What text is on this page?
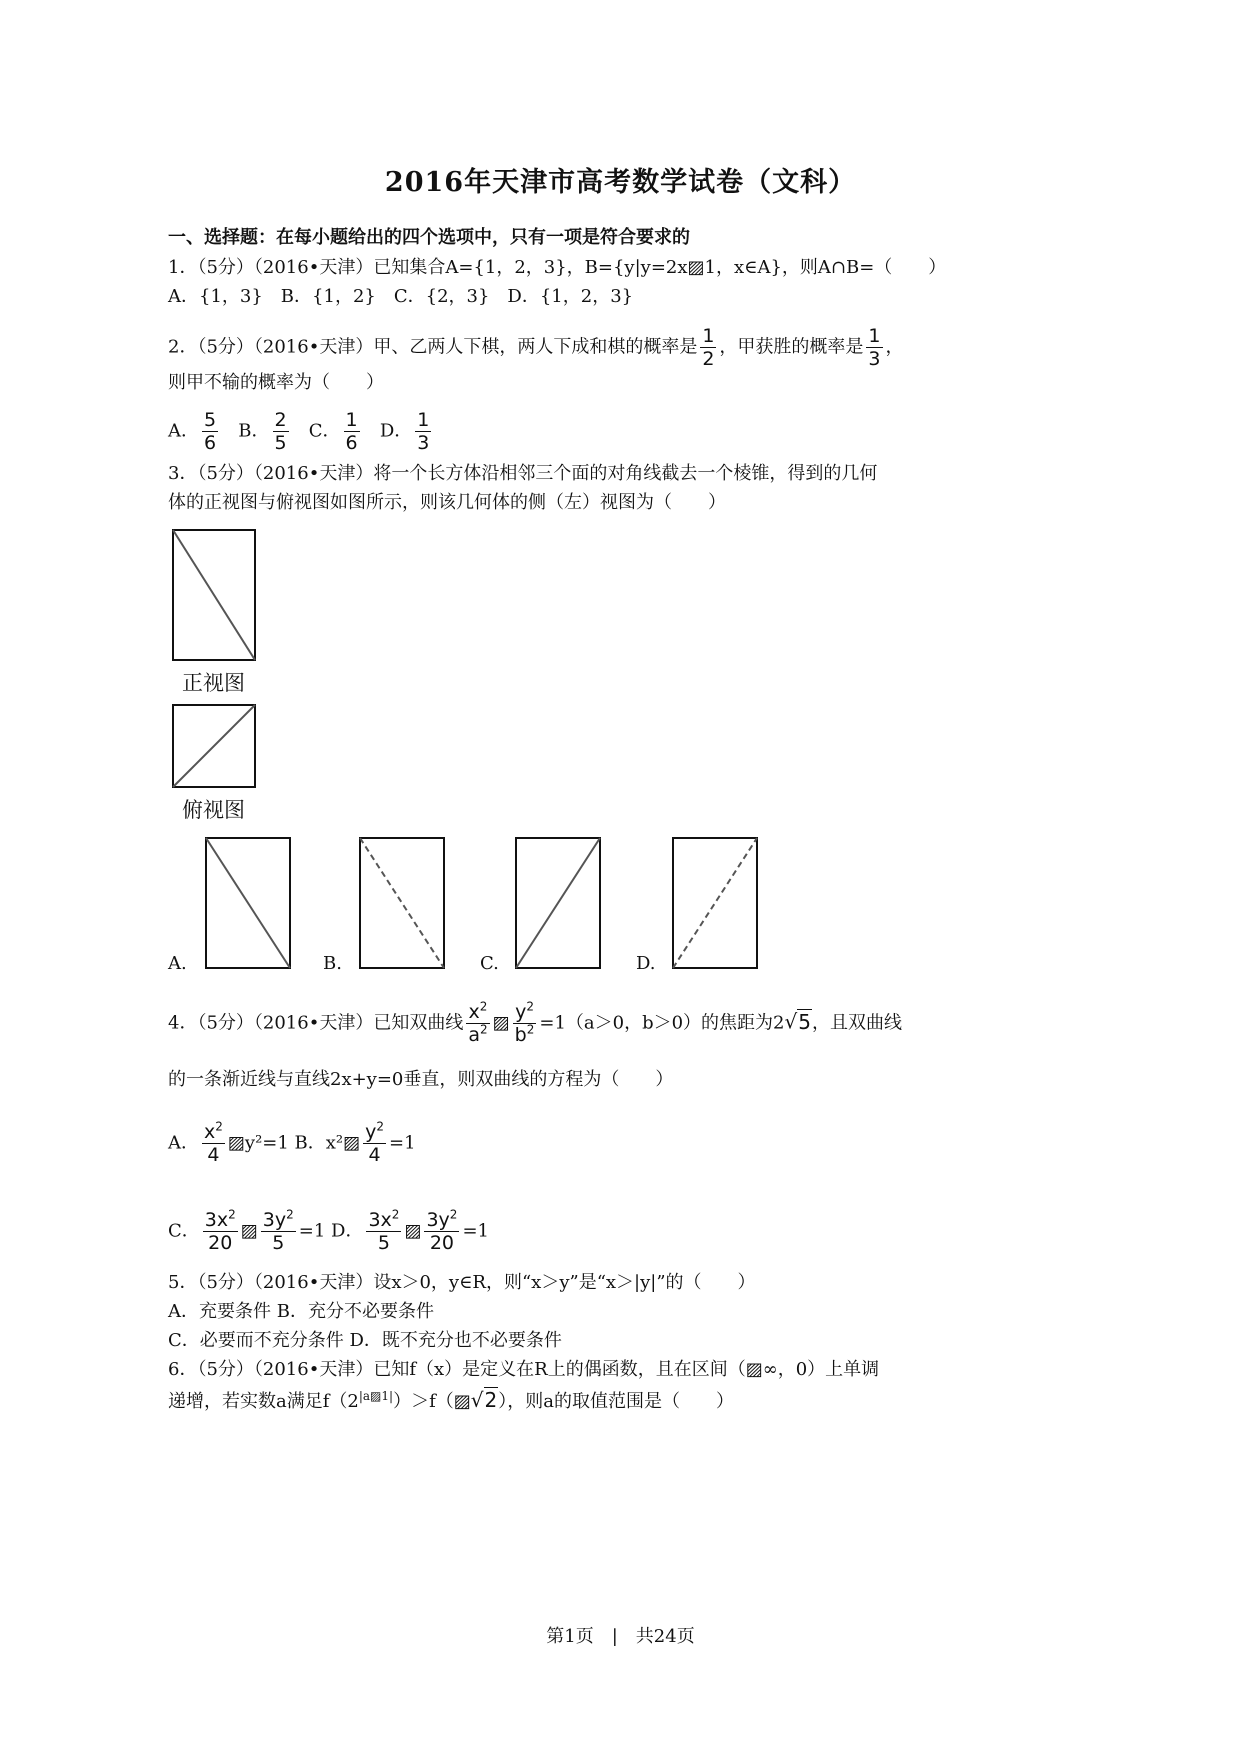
2016年天津市高考数学试卷（文科）
一、选择题：在每小题给出的四个选项中，只有一项是符合要求的
1．（5分）（2016•天津）已知集合A={1，2，3}，B={y|y=2x▨1，x∈A}，则A∩B=（　　）
A．{1，3}　B．{1，2}　C．{2，3}　D．{1，2，3}
2．（5分）（2016•天津）甲、乙两人下棋，两人下成和棋的概率是 $\frac{1}{2}$ ，甲获胜的概率是 $\frac{1}{3}$ ，
则甲不输的概率为（　　）
A． $\frac{5}{6}$ B． $\frac{2}{5}$ C． $\frac{1}{6}$ D． $\frac{1}{3}$
3．（5分）（2016•天津）将一个长方体沿相邻三个面的对角线截去一个棱锥，得到的几何
体的正视图与俯视图如图所示，则该几何体的侧（左）视图为（　　）
正视图
俯视图
A.	B.	C.	D.
4．（5分）（2016•天津）已知双曲线 $\frac{x^2}{a^2}$ ▨ $\frac{y^2}{b^2} =1(a>0$，b＞0）的焦距为2√5，且双曲线
的一条渐近线与直线2x+y=0垂直，则双曲线的方程为（　　）
A． $\frac{x^2}{4}$ ▨y²=1 B．x²▨ $\frac{y^2}{4} =1$
C． $\frac{3x^2}{20}$ ▨ $\frac{3y^2}{5} =1$ D． $\frac{3x^2}{5}$ ▨ $\frac{3y^2}{20} =1$
5．（5分）（2016•天津）设x＞0，y∈R，则“x＞y”是“x＞|y|”的（　　）
A．充要条件 B．充分不必要条件
C．必要而不充分条件 D．既不充分也不必要条件
6．（5分）（2016•天津）已知f（x）是定义在R上的偶函数，且在区间（▨∞，0）上单调
递增，若实数a满足$f(2^{|a▨1|})>f(▨√2)$，则a的取值范围是（　　）
第1页　|　共24页
